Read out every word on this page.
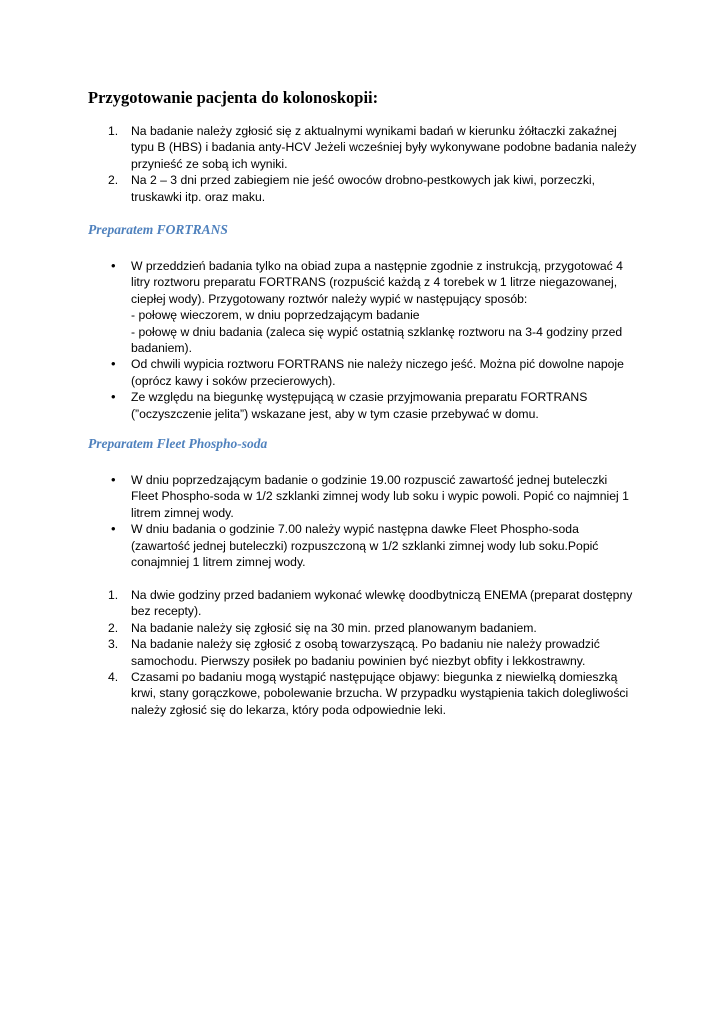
Przygotowanie pacjenta do kolonoskopii:
1. Na badanie należy zgłosić się z aktualnymi wynikami badań w kierunku żółtaczki zakaźnej
typu B (HBS) i badania anty-HCV Jeżeli wcześniej były wykonywane podobne badania należy
przynieść ze sobą ich wyniki.
2. Na 2 – 3 dni przed zabiegiem nie jeść owoców drobno-pestkowych jak kiwi, porzeczki,
truskawki itp. oraz maku.
Preparatem FORTRANS
• W przeddzień badania tylko na obiad zupa a następnie zgodnie z instrukcją, przygotować 4
litry roztworu preparatu FORTRANS (rozpuścić każdą z 4 torebek w 1 litrze niegazowanej,
ciepłej wody). Przygotowany roztwór należy wypić w następujący sposób:
- połowę wieczorem, w dniu poprzedzającym badanie
- połowę w dniu badania (zaleca się wypić ostatnią szklankę roztworu na 3-4 godziny przed
badaniem).
• Od chwili wypicia roztworu FORTRANS nie należy niczego jeść. Można pić dowolne napoje
(oprócz kawy i soków przecierowych).
• Ze względu na biegunkę występującą w czasie przyjmowania preparatu FORTRANS
(”oczyszczenie jelita”) wskazane jest, aby w tym czasie przebywać w domu.
Preparatem Fleet Phospho-soda
• W dniu poprzedzającym badanie o godzinie 19.00 rozpuscić zawartość jednej buteleczki
Fleet Phospho-soda w 1/2 szklanki zimnej wody lub soku i wypic powoli. Popić co najmniej 1
litrem zimnej wody.
• W dniu badania o godzinie 7.00 należy wypić następna dawke Fleet Phospho-soda
(zawartość jednej buteleczki) rozpuszczoną w 1/2 szklanki zimnej wody lub soku.Popić
conajmniej 1 litrem zimnej wody.
1. Na dwie godziny przed badaniem wykonać wlewkę doodbytniczą ENEMA (preparat dostępny
bez recepty).
2. Na badanie należy się zgłosić się na 30 min. przed planowanym badaniem.
3. Na badanie należy się zgłosić z osobą towarzyszącą. Po badaniu nie należy prowadzić
samochodu. Pierwszy posiłek po badaniu powinien być niezbyt obfity i lekkostrawny.
4. Czasami po badaniu mogą wystąpić następujące objawy: biegunka z niewielką domieszką
krwi, stany gorączkowe, pobolewanie brzucha. W przypadku wystąpienia takich dolegliwości
należy zgłosić się do lekarza, który poda odpowiednie leki.
